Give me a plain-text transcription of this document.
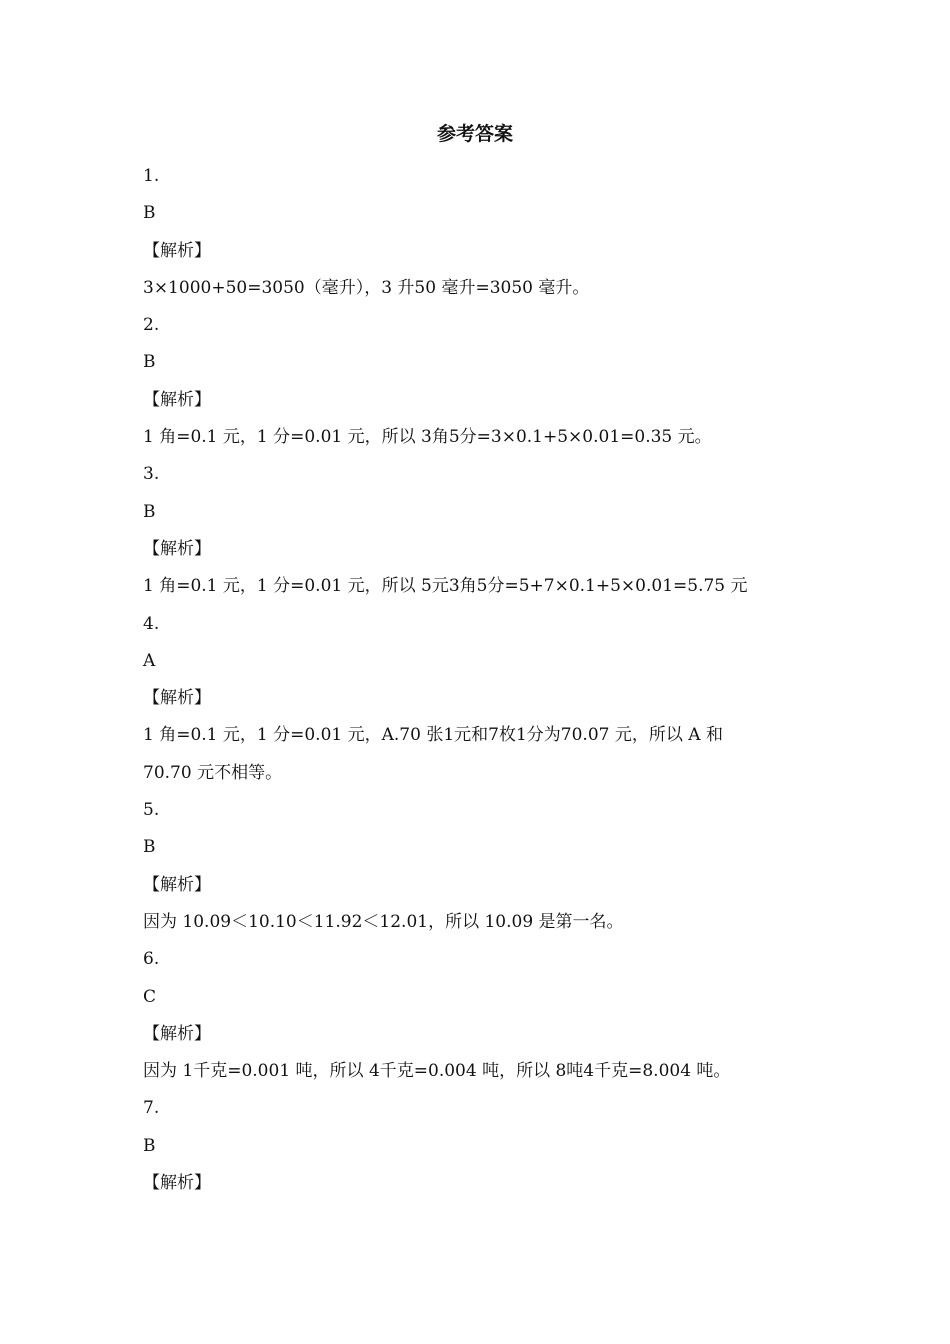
参考答案
1.
B
【解析】
3×1000+50=3050（毫升），3 升50 毫升=3050 毫升。
2.
B
【解析】
1 角=0.1 元，1 分=0.01 元，所以 3角5分=3×0.1+5×0.01=0.35 元。
3.
B
【解析】
1 角=0.1 元，1 分=0.01 元，所以 5元3角5分=5+7×0.1+5×0.01=5.75 元
4.
A
【解析】
1 角=0.1 元，1 分=0.01 元，A.70 张1元和7枚1分为70.07 元，所以 A 和 70.70 元不相等。
5.
B
【解析】
因为 10.09＜10.10＜11.92＜12.01，所以 10.09 是第一名。
6.
C
【解析】
因为 1千克=0.001 吨，所以 4千克=0.004 吨，所以 8吨4千克=8.004 吨。
7.
B
【解析】
